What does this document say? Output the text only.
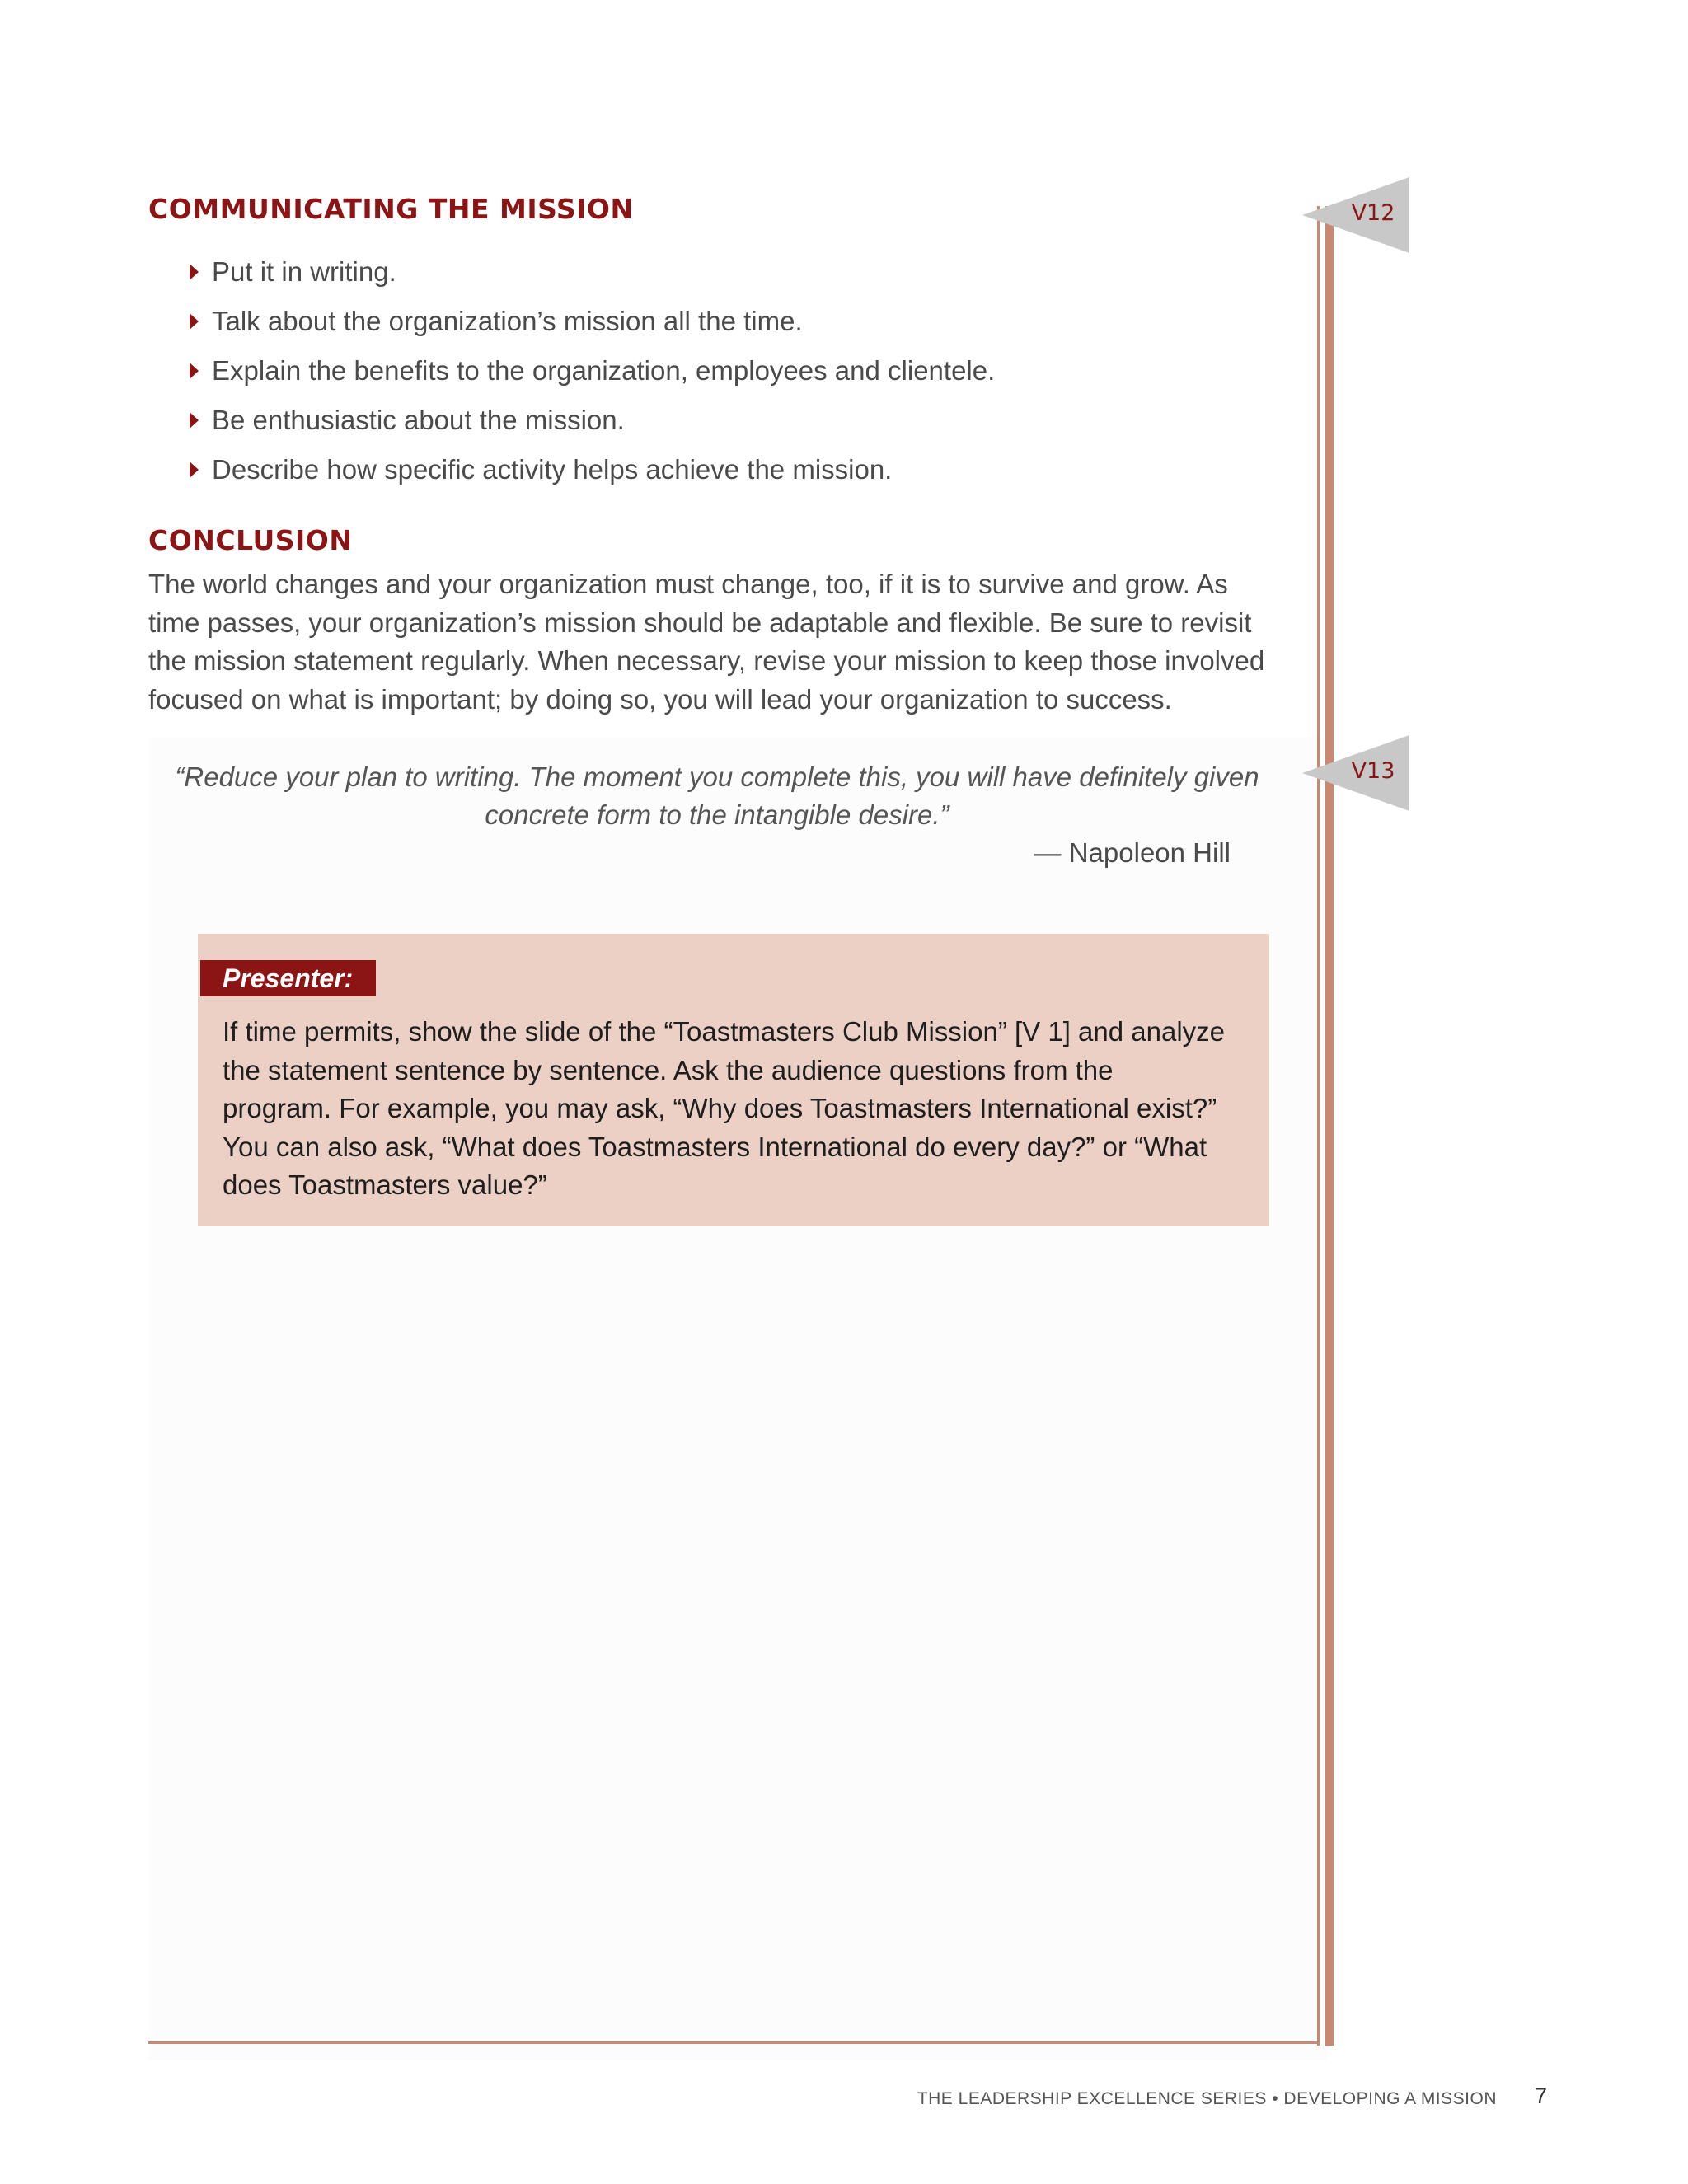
COMMUNICATING THE MISSION
Put it in writing.
Talk about the organization’s mission all the time.
Explain the benefits to the organization, employees and clientele.
Be enthusiastic about the mission.
Describe how specific activity helps achieve the mission.
CONCLUSION

The world changes and your organization must change, too, if it is to survive and grow. As time passes, your organization’s mission should be adaptable and flexible. Be sure to revisit the mission statement regularly. When necessary, revise your mission to keep those involved focused on what is important; by doing so, you will lead your organization to success.

“Reduce your plan to writing. The moment you complete this, you will have definitely given concrete form to the intangible desire.”

— Napoleon Hill

Presenter:

If time permits, show the slide of the “Toastmasters Club Mission” [V 1] and analyze the statement sentence by sentence. Ask the audience questions from the program. For example, you may ask, “Why does Toastmasters International exist?” You can also ask, “What does Toastmasters International do every day?” or “What does Toastmasters value?”

V12
V13

THE LEADERSHIP EXCELLENCE SERIES • DEVELOPING A MISSION 7
